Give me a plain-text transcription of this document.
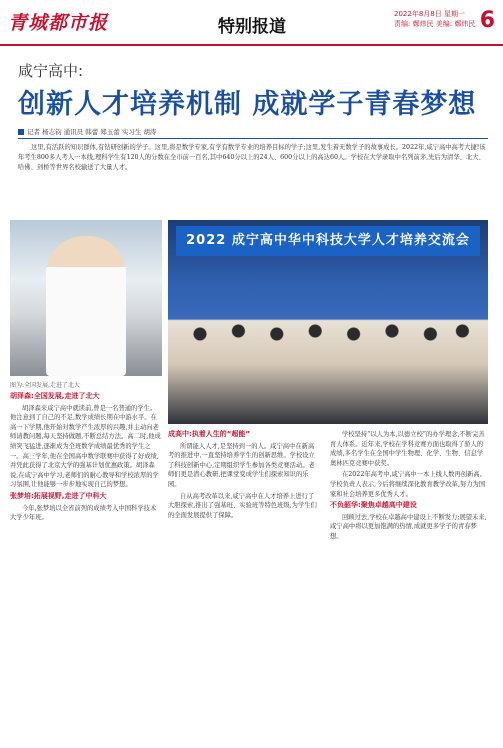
青城都市报	特别报道
2022年8月8日 星期一
责编: 鄭炜民 美编: 鄭炜民 6
咸宁高中:
创新人才培养机制 成就学子青春梦想
记者 杨志钧 通讯员 韩蕾 郑玉蕾 实习生 胡涛
这里,有活跃的知识群体,有钻研创新的学子。这里,将是数学专家,有学有数学专业的培养目标的学子;这里,发生着无数学子的故事成长。2022年,咸宁高中高考大捷!该年考生800多人考入一本线,理科学生有120人的分数在全市前一百名,其中640分以上的24人、600分以上的高达60人。学校在大学录取中名列前茅,先后为清华、北大、哈佛、剑桥等世界名校输送了大量人才。
2022 成宁高中华中科技大学人才培养交流会
图为:全国发展,走进了北大

胡泽森:全国发展,走进了北大

胡泽森来咸宁高中就读前,曾是一名普通的学生。他注意到了自己的不足,数学成绩长期在中游水平。在高一下学期,他开始对数学产生浓厚的兴趣,并主动向老师请教问题,每天坚持做题,不断总结方法。高二时,他成绩突飞猛进,逐渐成为全班数学成绩最优秀的学生之一。高三学年,他在全国高中数学联赛中获得了好成绩,并凭此获得了北京大学的强基计划优惠政策。胡泽森说,在咸宁高中学习,老师们的耐心教导和学校浓厚的学习氛围,让他能够一步步地实现自己的梦想。

张梦培:拓展视野,走进了中科大

今年,张梦培以全省前列的成绩考入中国科学技术大学少年班。

成高中:执着人生的“超能”

所谓能人人才,是坚持到一的人。咸宁高中在新高考的推进中,一直坚持培养学生的创新思维。学校设立了科技创新中心,定期组织学生参加各类竞赛活动。老师们更是潜心教研,把课堂变成学生们探索知识的乐园。

自从高考改革以来,咸宁高中在人才培养上进行了大胆探索,推出了强基班、实验班等特色班级,为学生们的全面发展提供了保障。

学校坚持“以人为本,以德立校”的办学理念,不断完善育人体系。近年来,学校在学科竞赛方面也取得了骄人的成绩,多名学生在全国中学生物理、化学、生物、信息学奥林匹克竞赛中获奖。

在2022年高考中,咸宁高中一本上线人数再创新高。学校负责人表示,今后将继续深化教育教学改革,努力为国家和社会培养更多优秀人才。

不负韶华:聚焦卓越高中建设

回顾过去,学校在卓越高中建设上不断发力;展望未来,咸宁高中将以更加饱满的热情,成就更多学子的青春梦想。
